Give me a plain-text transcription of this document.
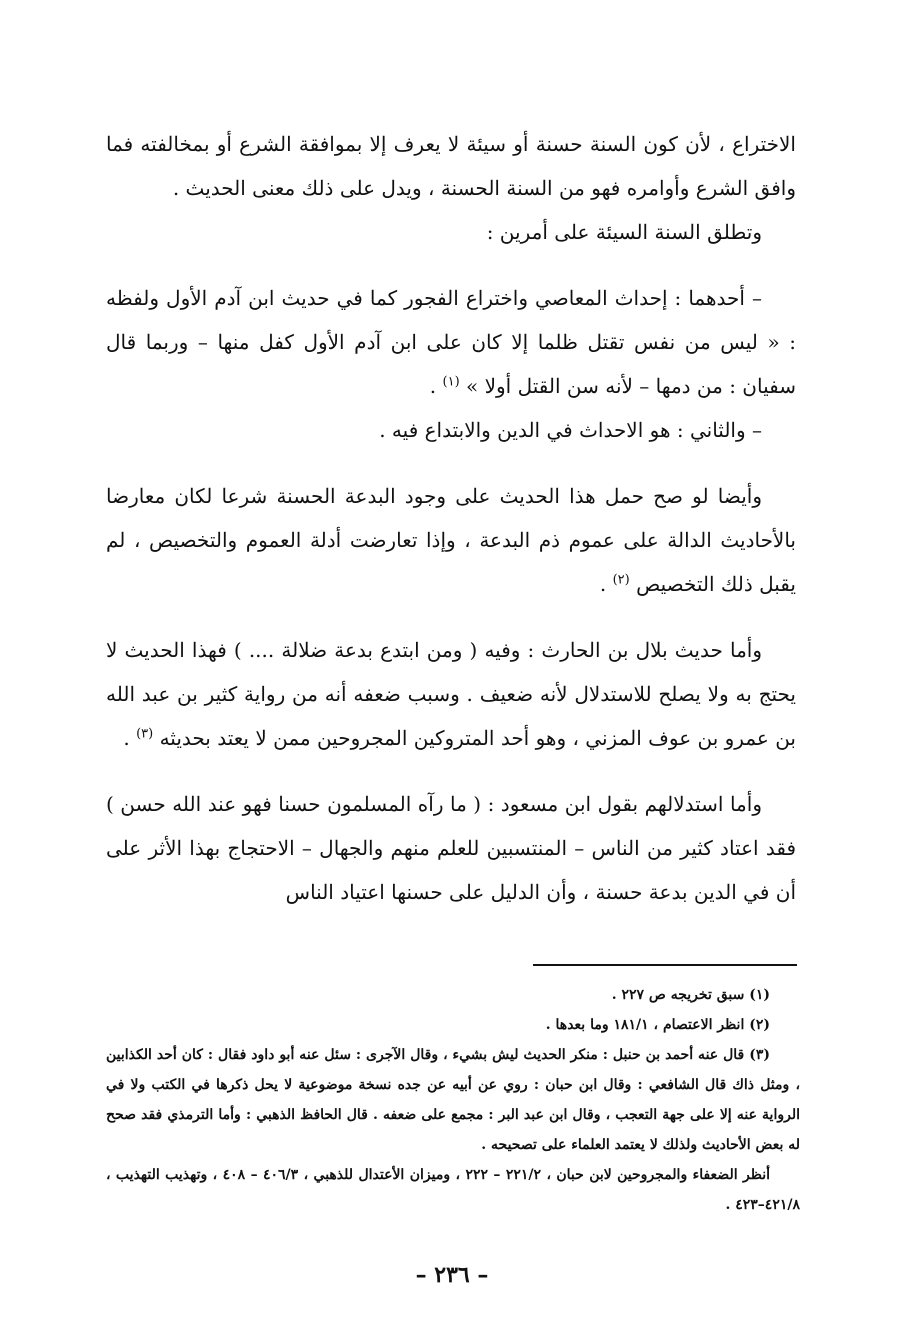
الاختراع ، لأن كون السنة حسنة أو سيئة لا يعرف إلا بموافقة الشرع أو بمخالفته فما وافق الشرع وأوامره فهو من السنة الحسنة ، ويدل على ذلك معنى الحديث .

وتطلق السنة السيئة على أمرين :

– أحدهما : إحداث المعاصي واختراع الفجور كما في حديث ابن آدم الأول ولفظه : « ليس من نفس تقتل ظلما إلا كان على ابن آدم الأول كفل منها – وربما قال سفيان : من دمها – لأنه سن القتل أولا » $^{(١)}$ .

– والثاني : هو الاحداث في الدين والابتداع فيه .

وأيضا لو صح حمل هذا الحديث على وجود البدعة الحسنة شرعا لكان معارضا بالأحاديث الدالة على عموم ذم البدعة ، وإذا تعارضت أدلة العموم والتخصيص ، لم يقبل ذلك التخصيص $^{(٢)}$ .

وأما حديث بلال بن الحارث : وفيه ( ومن ابتدع بدعة ضلالة .... ) فهذا الحديث لا يحتج به ولا يصلح للاستدلال لأنه ضعيف . وسبب ضعفه أنه من رواية كثير بن عبد الله بن عمرو بن عوف المزني ، وهو أحد المتروكين المجروحين ممن لا يعتد بحديثه $^{(٣)}$ .

وأما استدلالهم بقول ابن مسعود : ( ما رآه المسلمون حسنا فهو عند الله حسن ) فقد اعتاد كثير من الناس – المنتسبين للعلم منهم والجهال – الاحتجاج بهذا الأثر على أن في الدين بدعة حسنة ، وأن الدليل على حسنها اعتياد الناس

(١) سبق تخريجه ص ٢٢٧ .

(٢) انظر الاعتصام ، ١٨١/١ وما بعدها .

(٣) قال عنه أحمد بن حنبل : منكر الحديث ليش بشيء ، وقال الآجرى : سئل عنه أبو داود فقال : كان أحد الكذابين ، ومثل ذاك قال الشافعي : وقال ابن حبان : روي عن أبيه عن جده نسخة موضوعية لا يحل ذكرها في الكتب ولا في الرواية عنه إلا على جهة التعجب ، وقال ابن عبد البر : مجمع على ضعفه . قال الحافظ الذهبي : وأما الترمذي فقد صحح له بعض الأحاديث ولذلك لا يعتمد العلماء على تصحيحه .

أنظر الضعفاء والمجروحين لابن حبان ، ٢٢١/٢ – ٢٢٢ ، وميزان الأعتدال للذهبي ، ٤٠٦/٣ – ٤٠٨ ، وتهذيب التهذيب ، ٤٢١/٨–٤٢٣ .

– ٢٣٦ –
